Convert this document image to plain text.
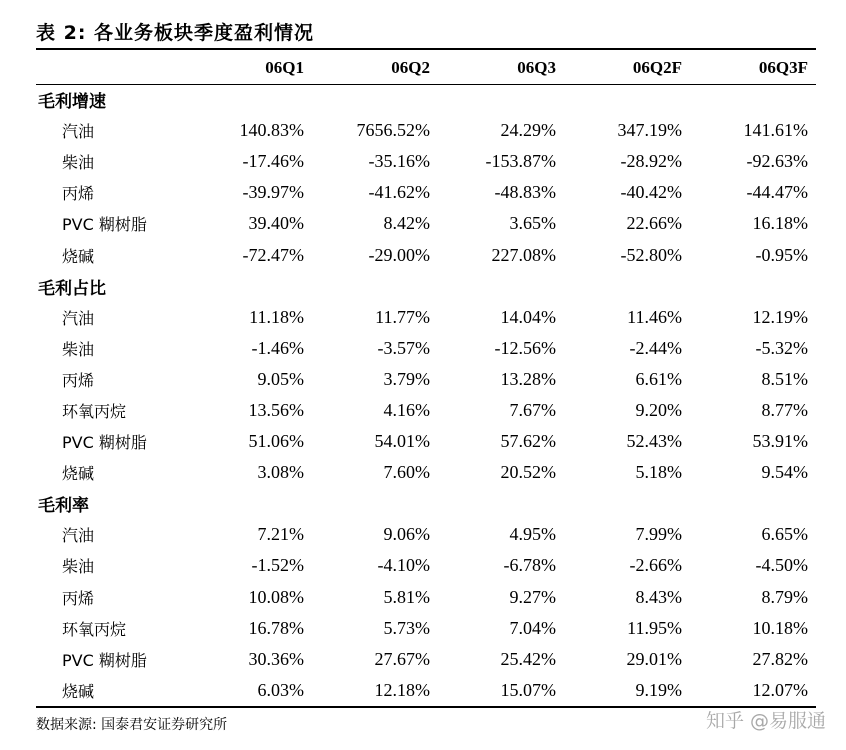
表 2: 各业务板块季度盈利情况
	06Q1	06Q2	06Q3	06Q2F	06Q3F
毛利增速					
汽油	140.83%	7656.52%	24.29%	347.19%	141.61%
柴油	-17.46%	-35.16%	-153.87%	-28.92%	-92.63%
丙烯	-39.97%	-41.62%	-48.83%	-40.42%	-44.47%
PVC 糊树脂	39.40%	8.42%	3.65%	22.66%	16.18%
烧碱	-72.47%	-29.00%	227.08%	-52.80%	-0.95%
毛利占比					
汽油	11.18%	11.77%	14.04%	11.46%	12.19%
柴油	-1.46%	-3.57%	-12.56%	-2.44%	-5.32%
丙烯	9.05%	3.79%	13.28%	6.61%	8.51%
环氧丙烷	13.56%	4.16%	7.67%	9.20%	8.77%
PVC 糊树脂	51.06%	54.01%	57.62%	52.43%	53.91%
烧碱	3.08%	7.60%	20.52%	5.18%	9.54%
毛利率					
汽油	7.21%	9.06%	4.95%	7.99%	6.65%
柴油	-1.52%	-4.10%	-6.78%	-2.66%	-4.50%
丙烯	10.08%	5.81%	9.27%	8.43%	8.79%
环氧丙烷	16.78%	5.73%	7.04%	11.95%	10.18%
PVC 糊树脂	30.36%	27.67%	25.42%	29.01%	27.82%
烧碱	6.03%	12.18%	15.07%	9.19%	12.07%
数据来源: 国泰君安证券研究所	知乎 @易服通
